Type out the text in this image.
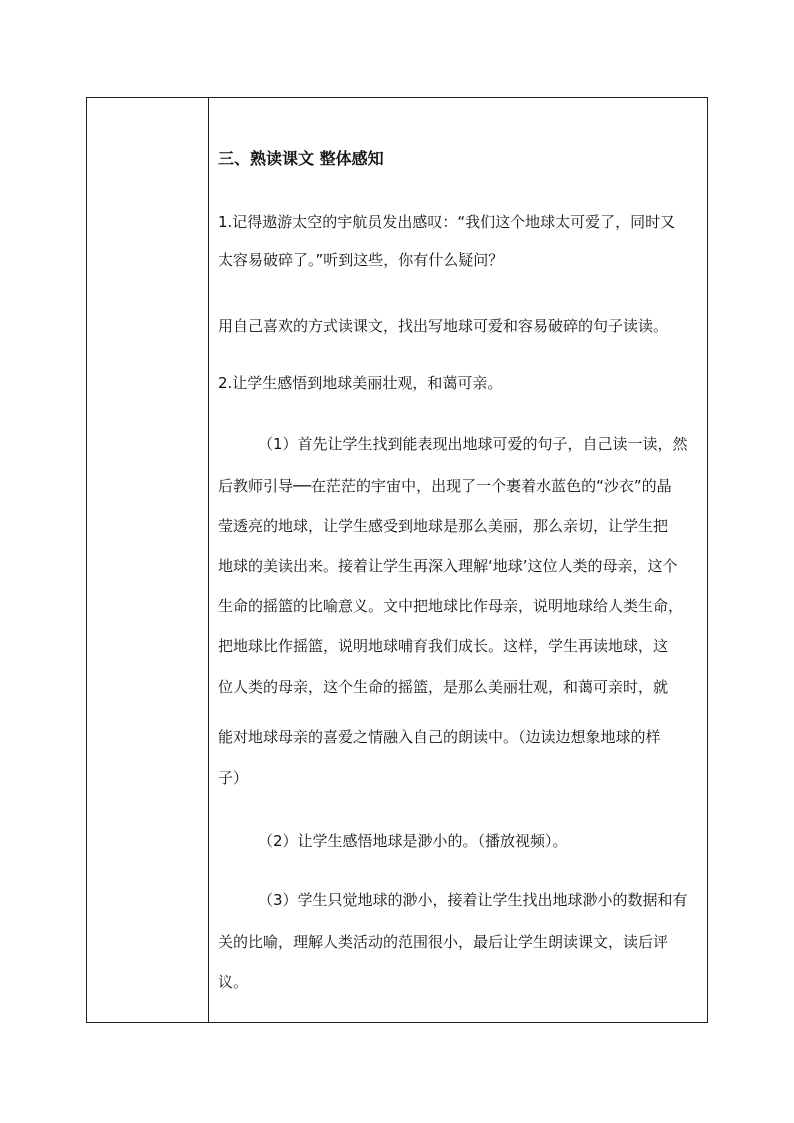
三、熟读课文 整体感知
1.记得遨游太空的宇航员发出感叹：“我们这个地球太可爱了，同时又
太容易破碎了。”听到这些，你有什么疑问？
用自己喜欢的方式读课文，找出写地球可爱和容易破碎的句子读读。
2.让学生感悟到地球美丽壮观，和蔼可亲。
（1）首先让学生找到能表现出地球可爱的句子，自己读一读，然
后教师引导──在茫茫的宇宙中，出现了一个裹着水蓝色的“沙衣”的晶
莹透亮的地球，让学生感受到地球是那么美丽，那么亲切，让学生把
地球的美读出来。接着让学生再深入理解‘地球’这位人类的母亲，这个
生命的摇篮的比喻意义。文中把地球比作母亲，说明地球给人类生命，
把地球比作摇篮，说明地球哺育我们成长。这样，学生再读地球，这
位人类的母亲，这个生命的摇篮，是那么美丽壮观，和蔼可亲时，就
能对地球母亲的喜爱之情融入自己的朗读中。（边读边想象地球的样
子）
（2）让学生感悟地球是渺小的。（播放视频）。
（3）学生只觉地球的渺小，接着让学生找出地球渺小的数据和有
关的比喻，理解人类活动的范围很小，最后让学生朗读课文，读后评
议。
